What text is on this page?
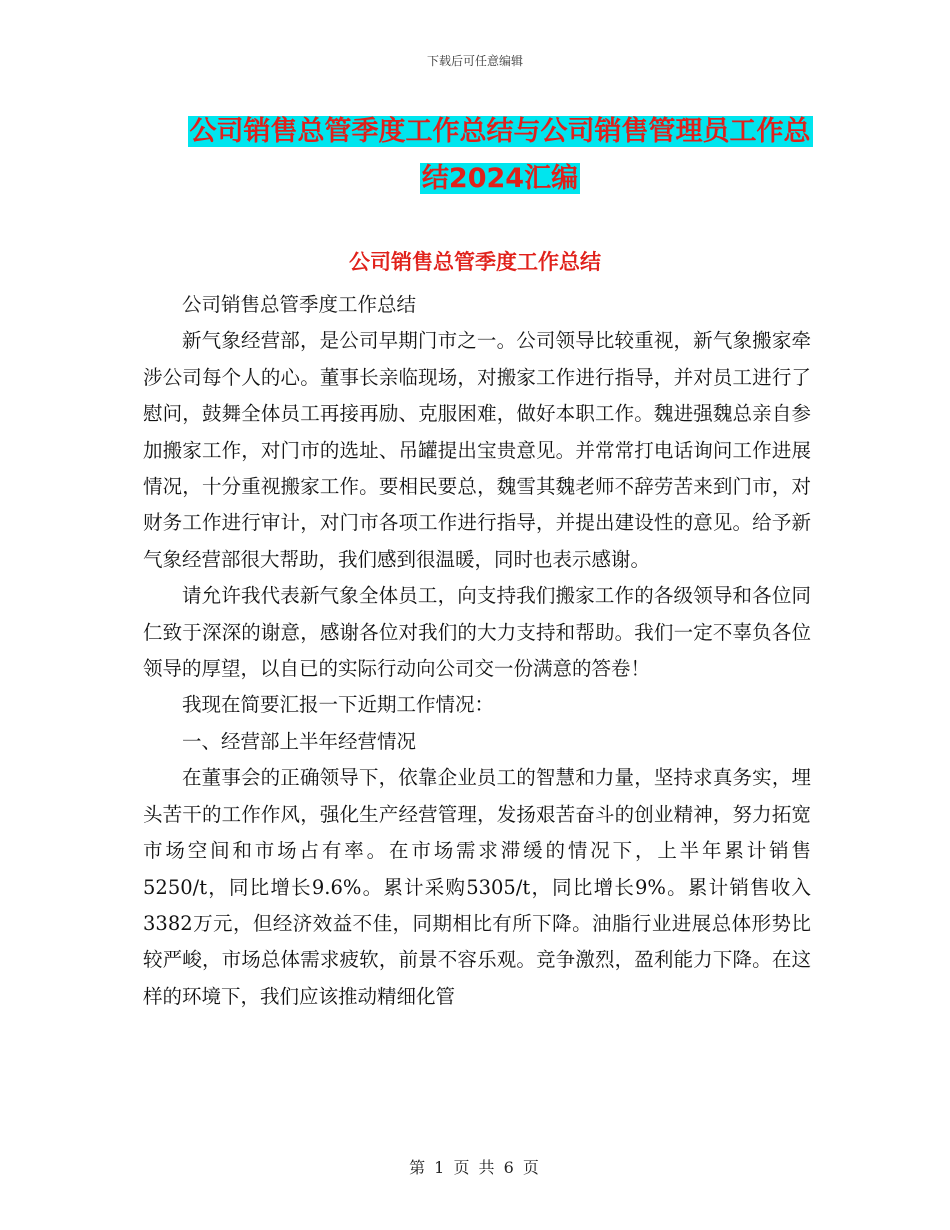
下载后可任意编辑
公司销售总管季度工作总结与公司销售管理员工作总
结2024汇编
公司销售总管季度工作总结

公司销售总管季度工作总结

新气象经营部，是公司早期门市之一。公司领导比较重视，新气象搬家牵涉公司每个人的心。董事长亲临现场，对搬家工作进行指导，并对员工进行了慰问，鼓舞全体员工再接再励、克服困难，做好本职工作。魏进强魏总亲自参加搬家工作，对门市的选址、吊罐提出宝贵意见。并常常打电话询问工作进展情况，十分重视搬家工作。要相民要总，魏雪其魏老师不辞劳苦来到门市，对财务工作进行审计，对门市各项工作进行指导，并提出建设性的意见。给予新气象经营部很大帮助，我们感到很温暖，同时也表示感谢。

请允许我代表新气象全体员工，向支持我们搬家工作的各级领导和各位同仁致于深深的谢意，感谢各位对我们的大力支持和帮助。我们一定不辜负各位领导的厚望，以自已的实际行动向公司交一份满意的答卷！

我现在简要汇报一下近期工作情况：

一、经营部上半年经营情况

在董事会的正确领导下，依靠企业员工的智慧和力量，坚持求真务实，埋头苦干的工作作风，强化生产经营管理，发扬艰苦奋斗的创业精神，努力拓宽市场空间和市场占有率。在市场需求滞缓的情况下，上半年累计销售5250/t，同比增长9.6%。累计采购5305/t，同比增长9%。累计销售收入3382万元，但经济效益不佳，同期相比有所下降。油脂行业进展总体形势比较严峻，市场总体需求疲软，前景不容乐观。竞争激烈，盈利能力下降。在这样的环境下，我们应该推动精细化管

第 1 页 共 6 页
